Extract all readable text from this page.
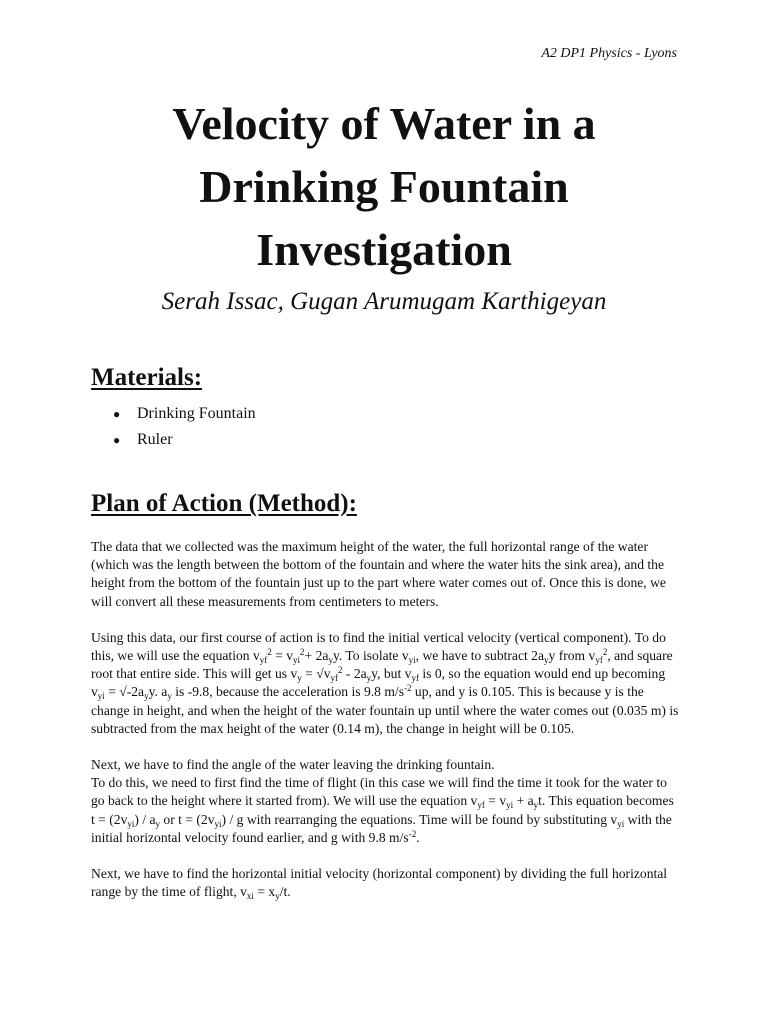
A2 DP1 Physics - Lyons
Velocity of Water in a
Drinking Fountain
Investigation
Serah Issac, Gugan Arumugam Karthigeyan
Materials:
● Drinking Fountain
● Ruler
Plan of Action (Method):

The data that we collected was the maximum height of the water, the full horizontal range of the water (which was the length between the bottom of the fountain and where the water hits the sink area), and the height from the bottom of the fountain just up to the part where water comes out of. Once this is done, we will convert all these measurements from centimeters to meters.

Using this data, our first course of action is to find the initial vertical velocity (vertical component). To do this, we will use the equation $v_{yf}^2 = v_{yi}^2+ 2a_yy$. To isolate $v_{yi}$, we have to subtract $2a_yy$ from $v_{yf}^2$, and square root that entire side. This will get us $v_y = √v_{yf}^2 - 2a_yy$, but $v_{yf}$ is 0, so the equation would end up becoming $v_{yi} = √-2a_yy$. $a_y$ is -9.8, because the acceleration is 9.8 $m/s^{-2}$ up, and y is 0.105. This is because y is the change in height, and when the height of the water fountain up until where the water comes out (0.035 m) is subtracted from the max height of the water (0.14 m), the change in height will be 0.105.

Next, we have to find the angle of the water leaving the drinking fountain.
To do this, we need to first find the time of flight (in this case we will find the time it took for the water to go back to the height where it started from). We will use the equation $v_{yf} = v_{yi} + a_yt$. This equation becomes $t = (2v_{yi}) / a_y$ or $t = (2v_{yi}) / g$ with rearranging the equations. Time will be found by substituting $v_{yi}$ with the initial horizontal velocity found earlier, and g with 9.8 $m/s^{-2}$.

Next, we have to find the horizontal initial velocity (horizontal component) by dividing the full horizontal range by the time of flight, $v_{xi} = x_y/t$.
